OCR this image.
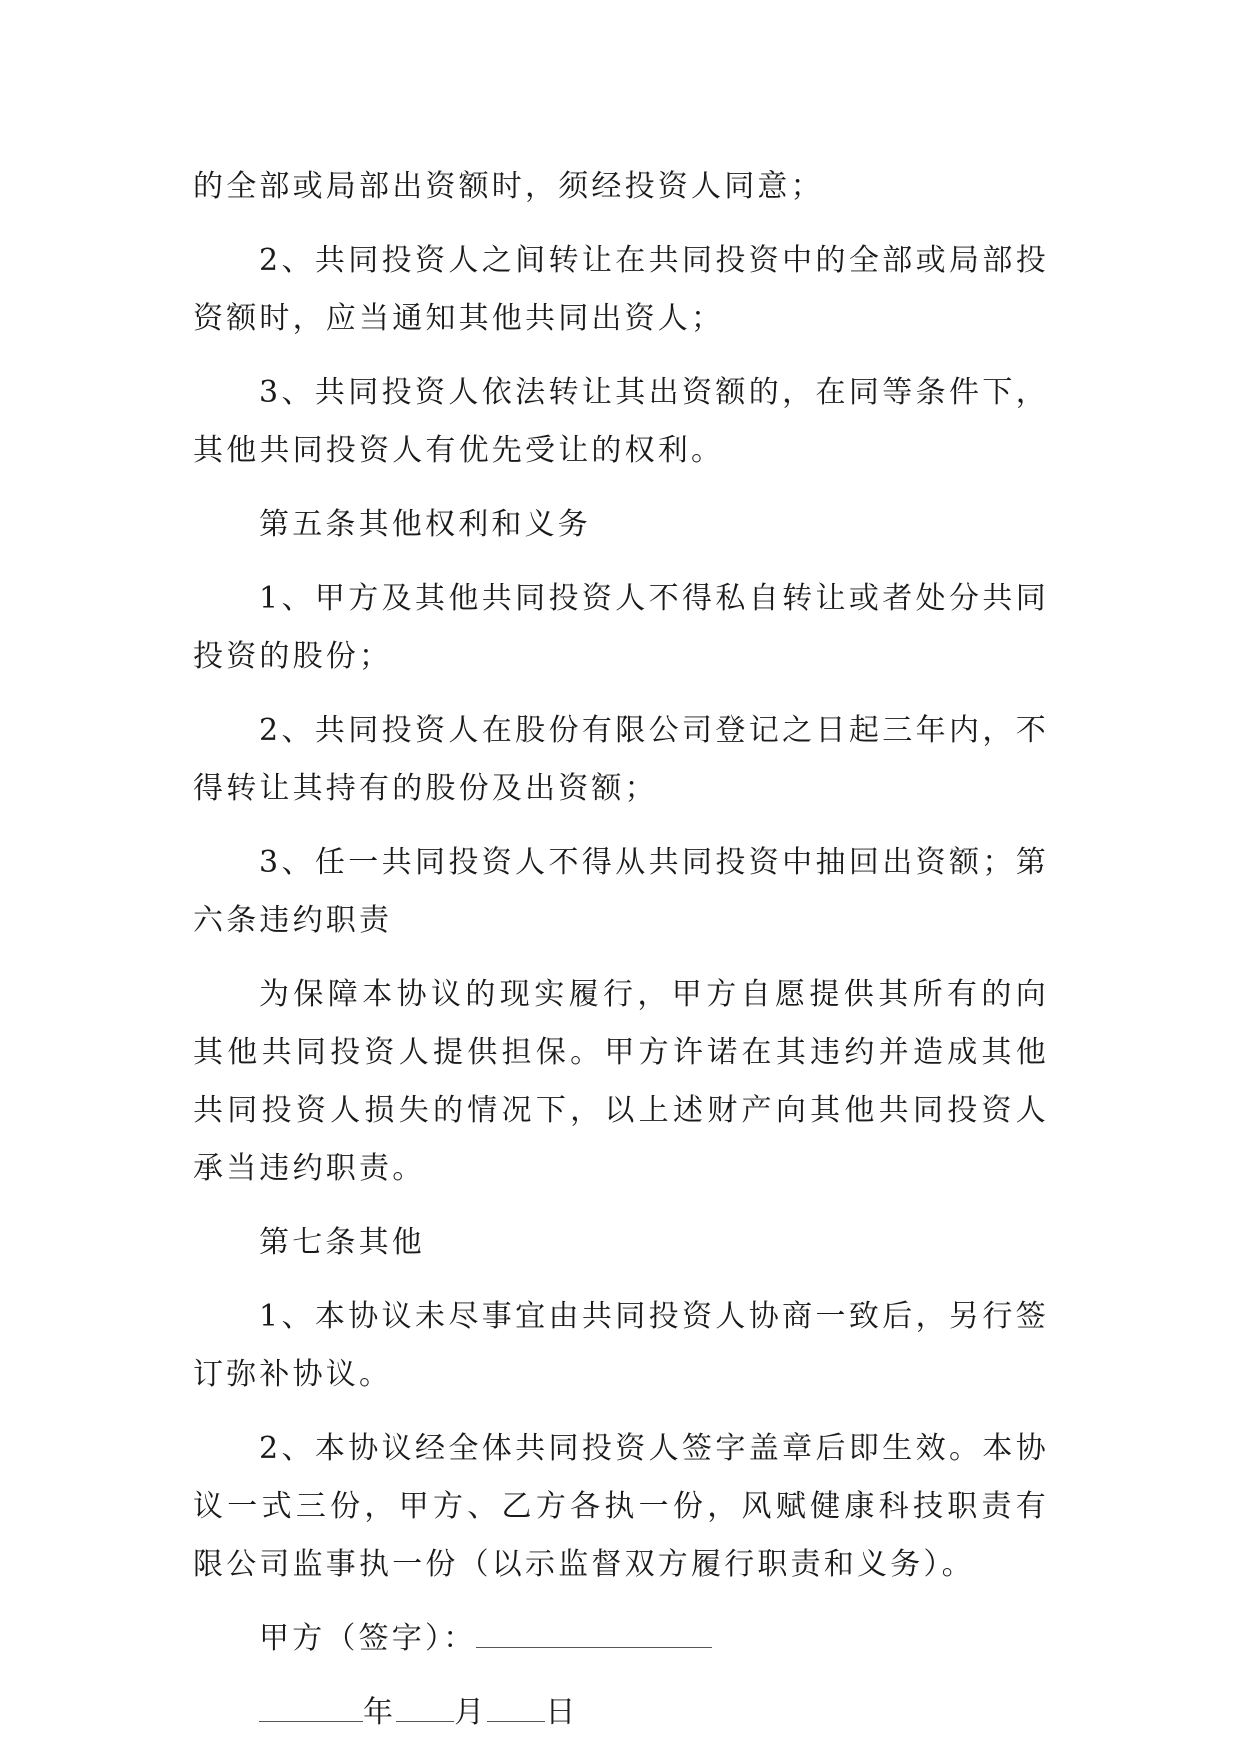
的全部或局部出资额时，须经投资人同意；

2、共同投资人之间转让在共同投资中的全部或局部投资额时，应当通知其他共同出资人；

3、共同投资人依法转让其出资额的，在同等条件下，其他共同投资人有优先受让的权利。

第五条其他权利和义务

1、甲方及其他共同投资人不得私自转让或者处分共同投资的股份；

2、共同投资人在股份有限公司登记之日起三年内，不得转让其持有的股份及出资额；

3、任一共同投资人不得从共同投资中抽回出资额；第六条违约职责

为保障本协议的现实履行，甲方自愿提供其所有的向其他共同投资人提供担保。甲方许诺在其违约并造成其他共同投资人损失的情况下，以上述财产向其他共同投资人承当违约职责。

第七条其他

1、本协议未尽事宜由共同投资人协商一致后，另行签订弥补协议。

2、本协议经全体共同投资人签字盖章后即生效。本协议一式三份，甲方、乙方各执一份，风赋健康科技职责有限公司监事执一份（以示监督双方履行职责和义务）。

甲方（签字）：
年 月 日
